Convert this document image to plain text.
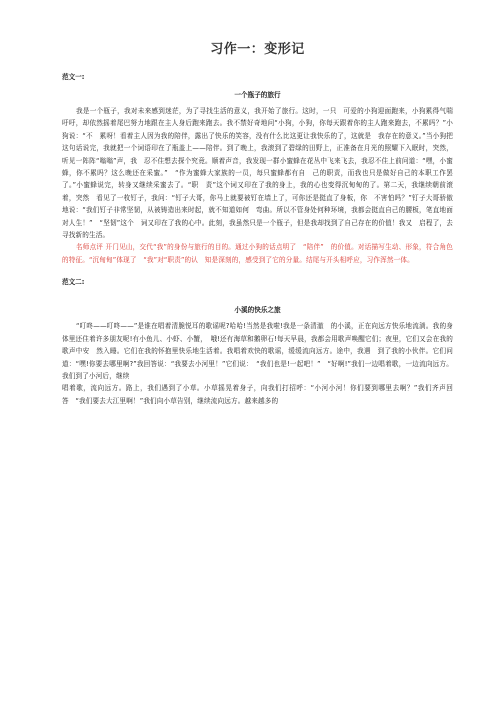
习作一：变形记
范文一:
一个瓶子的旅行

我是一个瓶子，我对未来感到迷茫，为了寻找生活的意义，我开始了旅行。这时，一只　可爱的小狗迎面跑来，小狗累得气喘吁吁，却依然摇着尾巴努力地跟在主人身后跑来跑去。我不禁好奇地问“小狗，小狗，你每天跟着你的主人跑来跑去，不累吗？”小狗说：“不　累呀！看着主人因为我的陪伴，露出了快乐的笑容，没有什么比这更让我快乐的了，这就是　我存在的意义。”当小狗把这句话说完，我就把一个词语印在了瓶盖上——陪伴。到了晚上，我滚到了碧绿的田野上，正准备在月光的照耀下入眠时，突然，听见一阵阵“嗡嗡”声，我　忍不住想去探个究竟。顺着声音，我发现一群小蜜蜂在花丛中飞来飞去，我忍不住上前问道：“嘿，小蜜蜂，你不累吗？这么晚还在采蜜。”　“作为蜜蜂大家族的一员，每只蜜蜂都有自　己的职责，而我也只是做好自己的本职工作罢了。”小蜜蜂说完，转身又继续采蜜去了。“职　责”这个词又印在了我的身上，我的心也变得沉甸甸的了。第二天，我继续朝前滚着，突然　看见了一枚钉子，我问：“钉子大哥，你马上就要被钉在墙上了，可你还是挺直了身板，你　不害怕吗？”钉子大哥骄傲地说：“我们钉子非常坚韧，从被铸造出来时起，就不知道如何　弯曲。所以不管身处何种环境，我都会挺直自己的腰板，笔直地面对人生！”　“坚韧”这个　词又印在了我的心中。此刻，我虽然只是一个瓶子，但是我却找到了自己存在的价值！我又　启程了，去寻找新的生活。

名师点评 开门见山，交代“我”的身份与旅行的目的。通过小狗的话点明了　“陪伴”　的价值。对话描写生动、形象，符合角色的特征。“沉甸甸”体现了　“我”对“职责”的认　知是深刻的，感受到了它的分量。结尾与开头相呼应，习作浑然一体。

范文二:
小溪的快乐之旅

“叮咚——叮咚——”是谁在唱着清脆悦耳的歌谣呢?哈哈!当然是我啦!我是一条清澈　的小溪，正在向远方快乐地流淌。我的身体里还住着许多朋友呢!有小鱼儿、小虾、小蟹，　哦!还有海草和鹅卵石!每天早晨，我都会用歌声唤醒它们；夜里，它们又会在我的歌声中安　然入睡。它们在我的怀抱里快乐地生活着。我唱着欢快的歌谣，缓缓流向远方。途中，我遇　到了我的小伙伴。它们问道：“嘿!你要去哪里啊?”我回答说：“我要去小河里！”它们说：　“我们也是!一起吧！”　“好啊!”我们一边唱着歌，一边流向远方。我们到了小河后，继续

唱着歌，流向远方。路上，我们遇到了小草。小草摇晃着身子，向我们打招呼：“小河小河！你们要到哪里去啊？”我们齐声回答　“我们要去大江里啊！”我们向小草告别，继续流向远方。越来越多的
